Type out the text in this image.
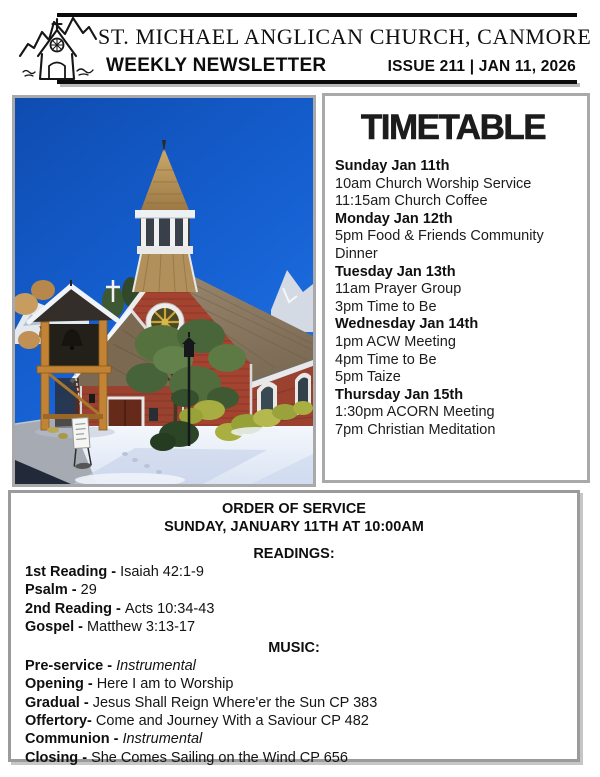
ST. MICHAEL ANGLICAN CHURCH, CANMORE
WEEKLY NEWSLETTER	ISSUE 211 | JAN 11, 2026
TIMETABLE
Sunday Jan 11th
10am Church Worship Service
11:15am Church Coffee
Monday Jan 12th
5pm Food & Friends Community Dinner
Tuesday Jan 13th
11am Prayer Group
3pm Time to Be
Wednesday Jan 14th
1pm ACW Meeting
4pm Time to Be
5pm Taize
Thursday Jan 15th
1:30pm ACORN Meeting
7pm Christian Meditation
ORDER OF SERVICE
SUNDAY, JANUARY 11TH AT 10:00AM
READINGS:
1st Reading - Isaiah 42:1-9
Psalm - 29
2nd Reading - Acts 10:34-43
Gospel - Matthew 3:13-17
MUSIC:
Pre-service - Instrumental
Opening - Here I am to Worship
Gradual - Jesus Shall Reign Where'er the Sun CP 383
Offertory- Come and Journey With a Saviour CP 482
Communion - Instrumental
Closing - She Comes Sailing on the Wind CP 656
